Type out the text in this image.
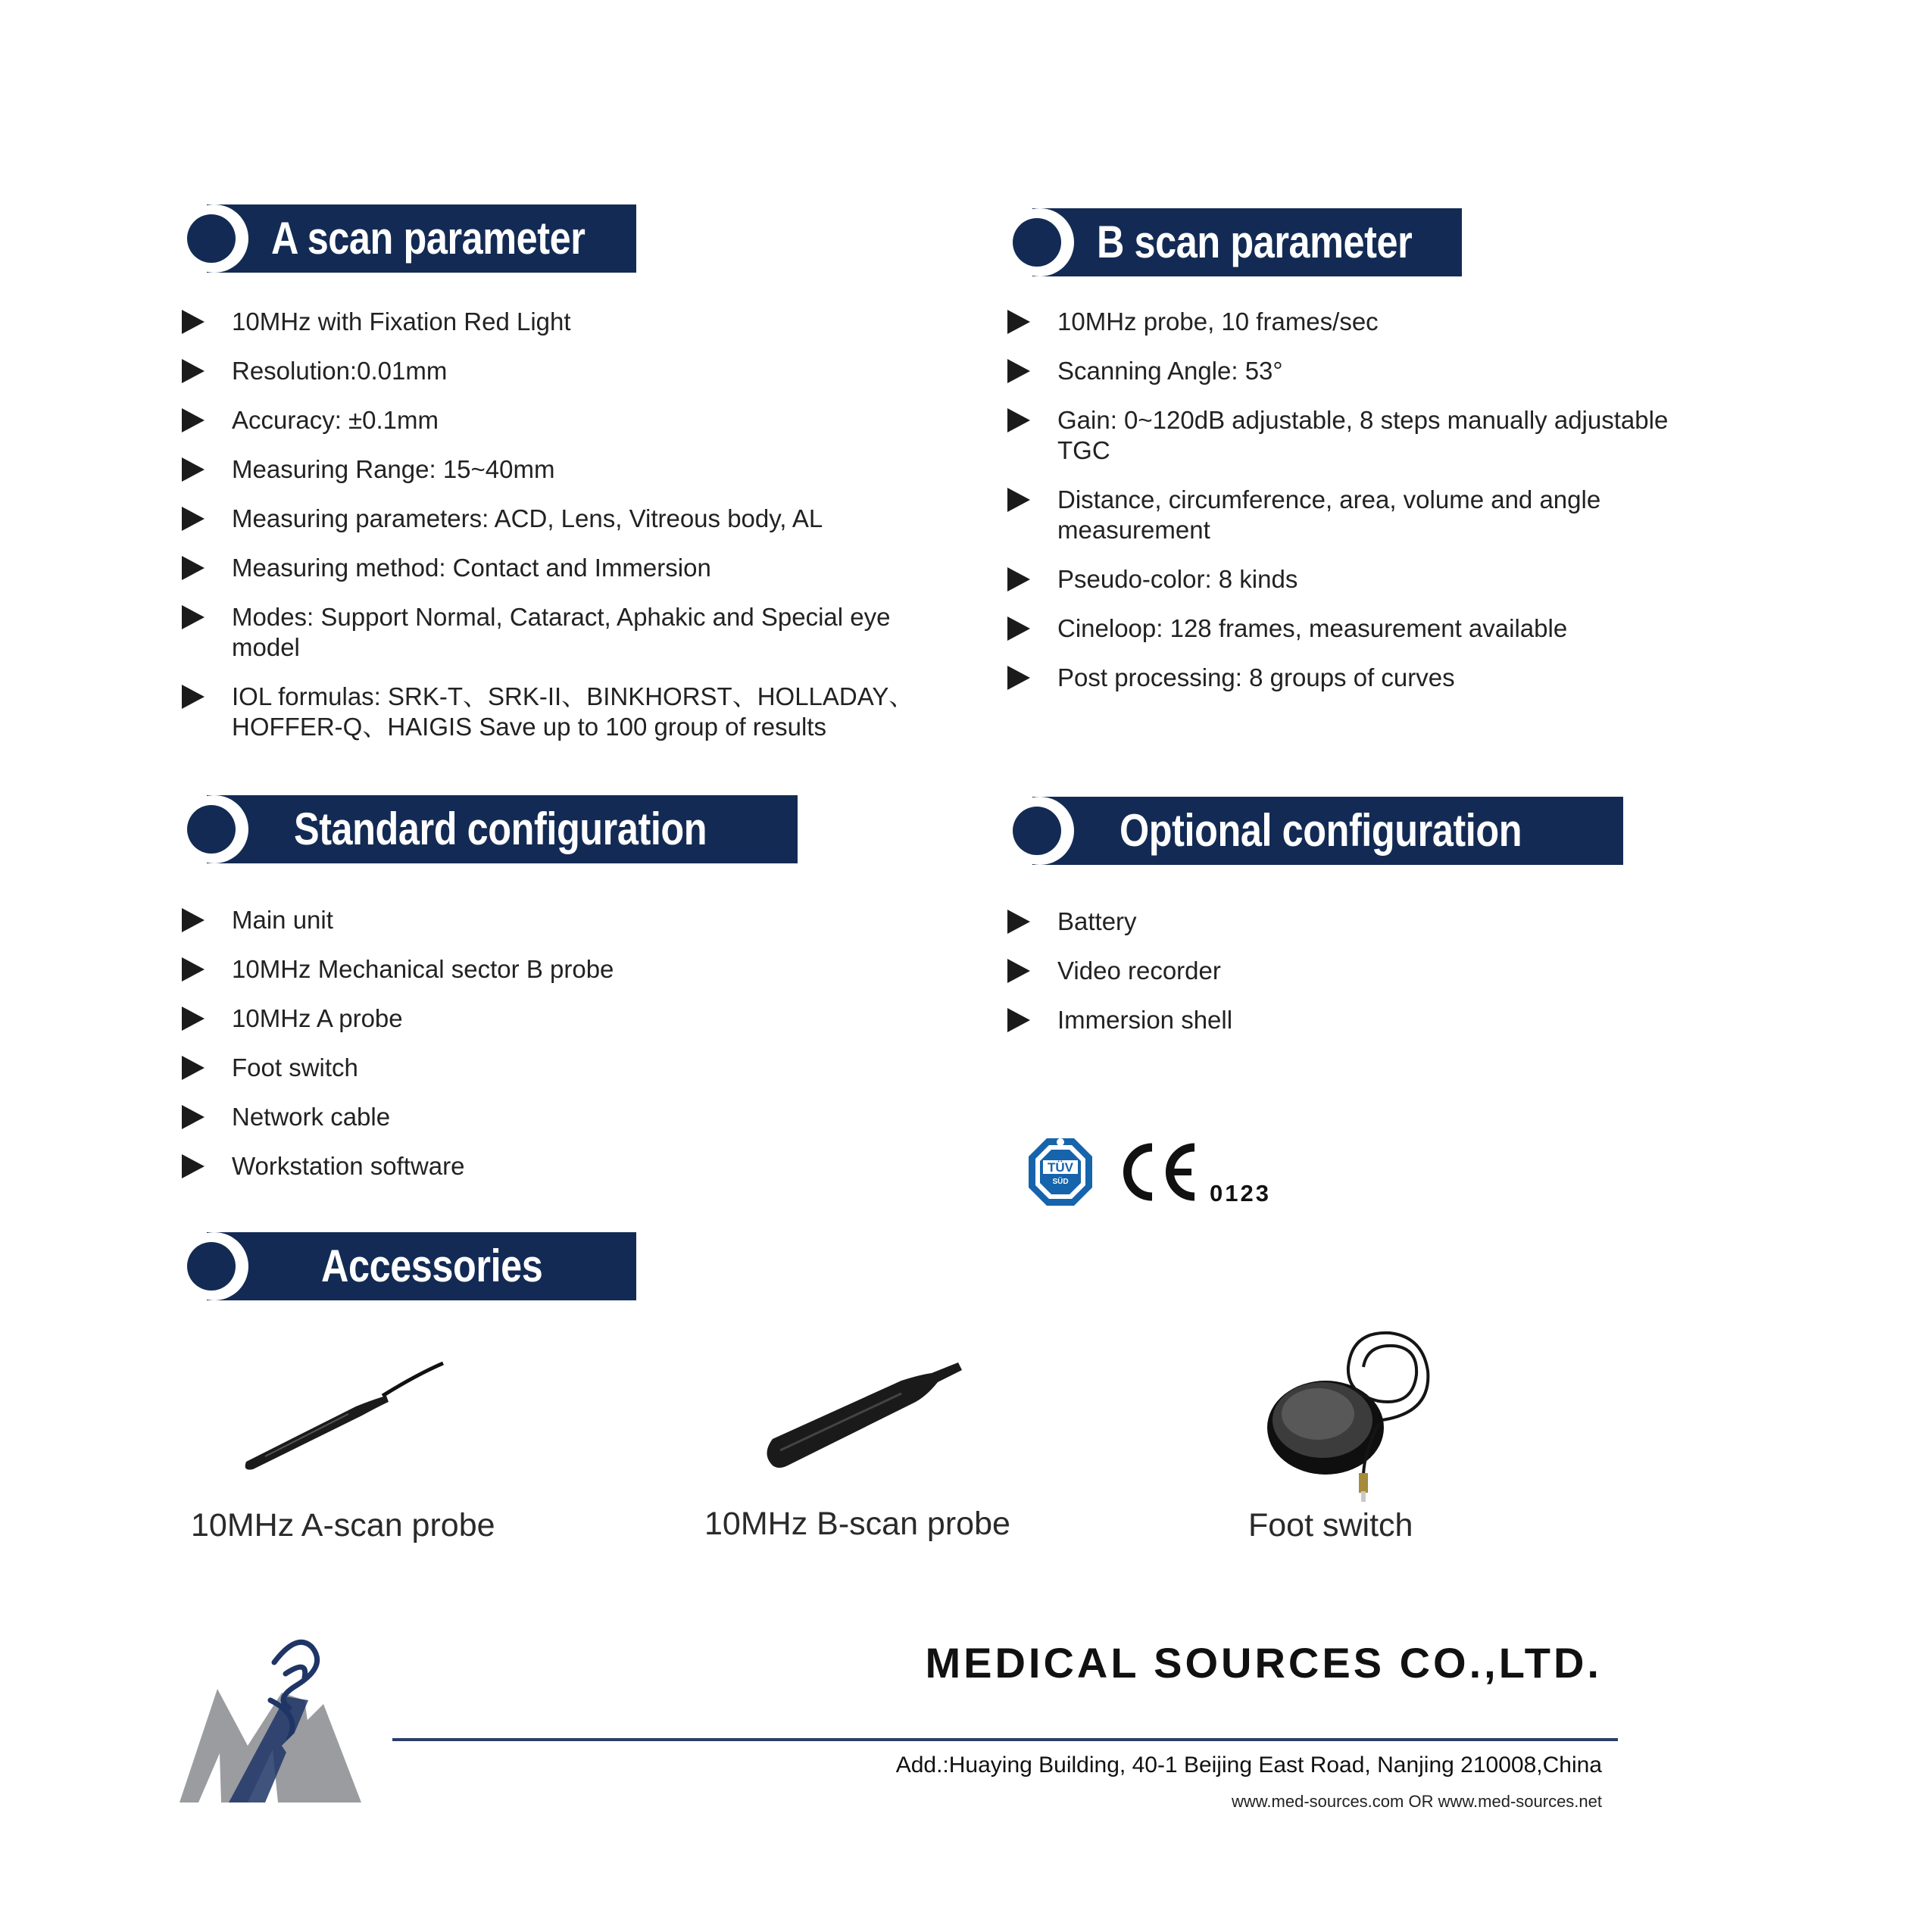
A scan parameter	B scan parameter
Standard configuration	Optional configuration
Accessories
10MHz with Fixation Red Light
Resolution:0.01mm
Accuracy: ±0.1mm
Measuring Range: 15~40mm
Measuring parameters: ACD, Lens, Vitreous body, AL
Measuring method: Contact and Immersion
Modes: Support Normal, Cataract, Aphakic and Special eye model
IOL formulas: SRK-T、SRK-II、BINKHORST、HOLLADAY、HOFFER-Q、HAIGIS Save up to 100 group of results
10MHz probe, 10 frames/sec
Scanning Angle: 53°
Gain: 0~120dB adjustable, 8 steps manually adjustable TGC
Distance, circumference, area, volume and angle measurement
Pseudo-color: 8 kinds
Cineloop: 128 frames, measurement available
Post processing: 8 groups of curves
Main unit
10MHz Mechanical sector B probe
10MHz A probe
Foot switch
Network cable
Workstation software
Battery
Video recorder
Immersion shell
TÜV
SÜD	0123
10MHz A-scan probe	10MHz B-scan probe	Foot switch
MEDICAL SOURCES CO.,LTD.
Add.:Huaying Building, 40-1 Beijing East Road, Nanjing 210008,China
www.med-sources.com OR www.med-sources.net
